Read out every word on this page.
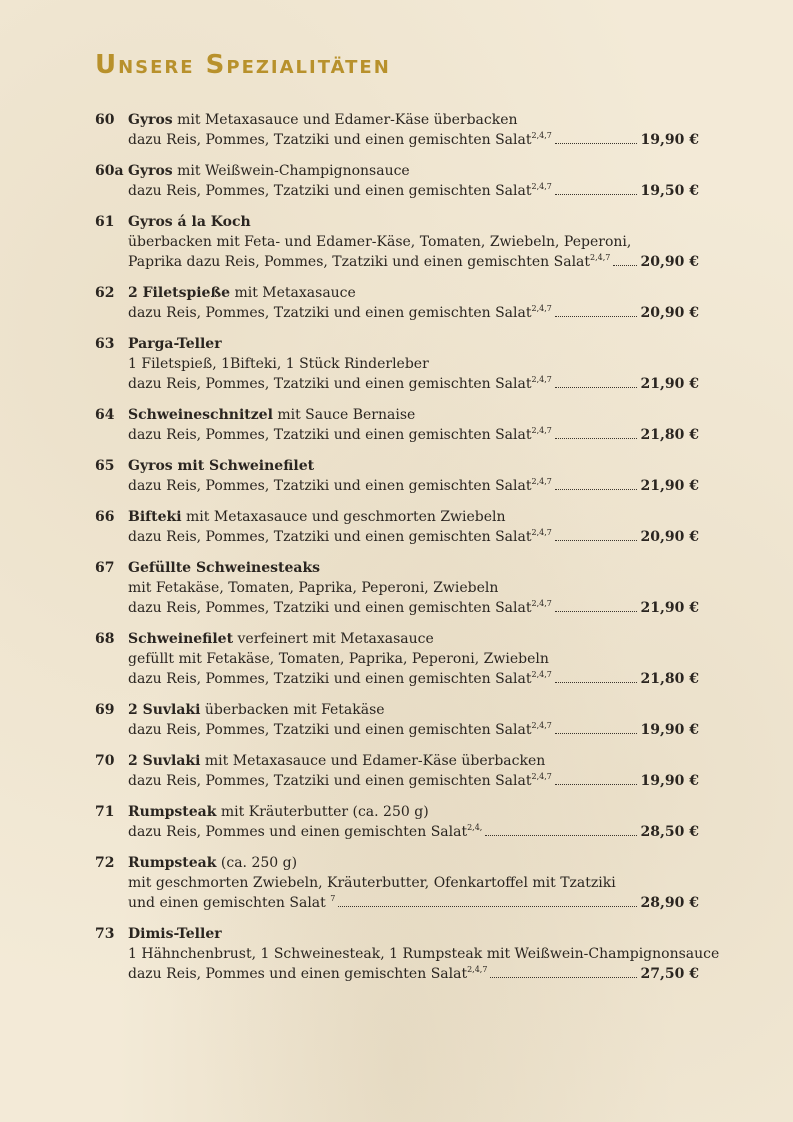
Unsere Spezialitäten
60 Gyros mit Metaxasauce und Edamer-Käse überbacken
dazu Reis, Pommes, Tzatziki und einen gemischten Salat$^{2,4,7}$	19,90 €
60a Gyros mit Weißwein-Champignonsauce
dazu Reis, Pommes, Tzatziki und einen gemischten Salat$^{2,4,7}$	19,50 €
61 Gyros á la Koch
überbacken mit Feta- und Edamer-Käse, Tomaten, Zwiebeln, Peperoni,
Paprika dazu Reis, Pommes, Tzatziki und einen gemischten Salat$^{2,4,7}$ 20,90 €
62 2 Filetspieße mit Metaxasauce
dazu Reis, Pommes, Tzatziki und einen gemischten Salat$^{2,4,7}$	20,90 €
63 Parga-Teller
1 Filetspieß, 1Bifteki, 1 Stück Rinderleber
dazu Reis, Pommes, Tzatziki und einen gemischten Salat$^{2,4,7}$	21,90 €
64 Schweineschnitzel mit Sauce Bernaise
dazu Reis, Pommes, Tzatziki und einen gemischten Salat$^{2,4,7}$	21,80 €
65 Gyros mit Schweinefilet
dazu Reis, Pommes, Tzatziki und einen gemischten Salat$^{2,4,7}$	21,90 €
66 Bifteki mit Metaxasauce und geschmorten Zwiebeln
dazu Reis, Pommes, Tzatziki und einen gemischten Salat$^{2,4,7}$	20,90 €
67 Gefüllte Schweinesteaks
mit Fetakäse, Tomaten, Paprika, Peperoni, Zwiebeln
dazu Reis, Pommes, Tzatziki und einen gemischten Salat$^{2,4,7}$	21,90 €
68 Schweinefilet verfeinert mit Metaxasauce
gefüllt mit Fetakäse, Tomaten, Paprika, Peperoni, Zwiebeln
dazu Reis, Pommes, Tzatziki und einen gemischten Salat$^{2,4,7}$	21,80 €
69 2 Suvlaki überbacken mit Fetakäse
dazu Reis, Pommes, Tzatziki und einen gemischten Salat$^{2,4,7}$	19,90 €
70 2 Suvlaki mit Metaxasauce und Edamer-Käse überbacken
dazu Reis, Pommes, Tzatziki und einen gemischten Salat$^{2,4,7}$	19,90 €
71 Rumpsteak mit Kräuterbutter (ca. 250 g)
dazu Reis, Pommes und einen gemischten Salat$^{2,4,}$	28,50 €
72 Rumpsteak (ca. 250 g)
mit geschmorten Zwiebeln, Kräuterbutter, Ofenkartoffel mit Tzatziki
und einen gemischten Salat $^7$	28,90 €
73 Dimis-Teller
1 Hähnchenbrust, 1 Schweinesteak, 1 Rumpsteak mit Weißwein-Champignonsauce
dazu Reis, Pommes und einen gemischten Salat$^{2,4,7}$	27,50 €
